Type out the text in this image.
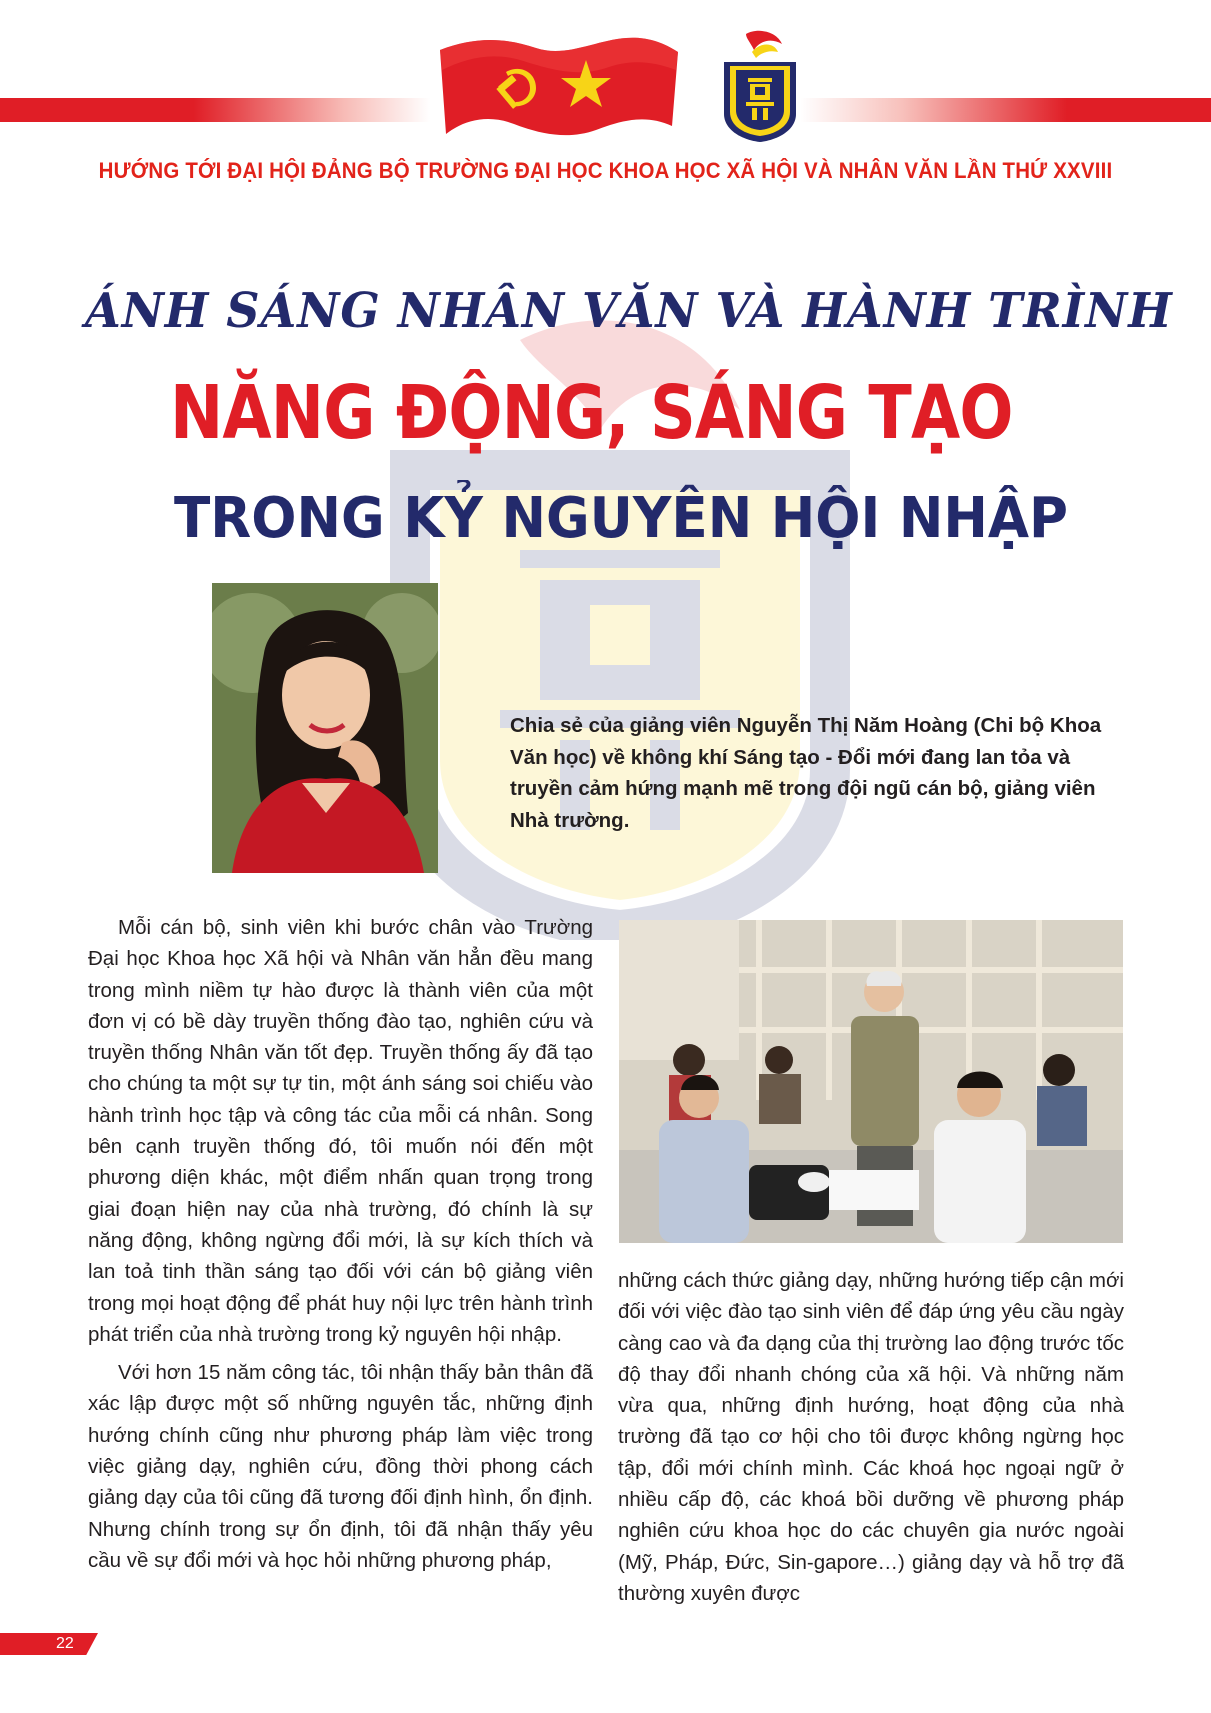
HƯỚNG TỚI ĐẠI HỘI ĐẢNG BỘ TRƯỜNG ĐẠI HỌC KHOA HỌC XÃ HỘI VÀ NHÂN VĂN LẦN THỨ XXVIII
ÁNH SÁNG NHÂN VĂN VÀ HÀNH TRÌNH
NĂNG ĐỘNG, SÁNG TẠO
TRONG KỶ NGUYÊN HỘI NHẬP
Chia sẻ của giảng viên Nguyễn Thị Năm Hoàng (Chi bộ Khoa Văn học) về không khí Sáng tạo - Đổi mới đang lan tỏa và truyền cảm hứng mạnh mẽ trong đội ngũ cán bộ, giảng viên Nhà trường.

Mỗi cán bộ, sinh viên khi bước chân vào Trường Đại học Khoa học Xã hội và Nhân văn hẳn đều mang trong mình niềm tự hào được là thành viên của một đơn vị có bề dày truyền thống đào tạo, nghiên cứu và truyền thống Nhân văn tốt đẹp. Truyền thống ấy đã tạo cho chúng ta một sự tự tin, một ánh sáng soi chiếu vào hành trình học tập và công tác của mỗi cá nhân. Song bên cạnh truyền thống đó, tôi muốn nói đến một phương diện khác, một điểm nhấn quan trọng trong giai đoạn hiện nay của nhà trường, đó chính là sự năng động, không ngừng đổi mới, là sự kích thích và lan toả tinh thần sáng tạo đối với cán bộ giảng viên trong mọi hoạt động để phát huy nội lực trên hành trình phát triển của nhà trường trong kỷ nguyên hội nhập.

Với hơn 15 năm công tác, tôi nhận thấy bản thân đã xác lập được một số những nguyên tắc, những định hướng chính cũng như phương pháp làm việc trong việc giảng dạy, nghiên cứu, đồng thời phong cách giảng dạy của tôi cũng đã tương đối định hình, ổn định. Nhưng chính trong sự ổn định, tôi đã nhận thấy yêu cầu về sự đổi mới và học hỏi những phương pháp,

những cách thức giảng dạy, những hướng tiếp cận mới đối với việc đào tạo sinh viên để đáp ứng yêu cầu ngày càng cao và đa dạng của thị trường lao động trước tốc độ thay đổi nhanh chóng của xã hội. Và những năm vừa qua, những định hướng, hoạt động của nhà trường đã tạo cơ hội cho tôi được không ngừng học tập, đổi mới chính mình. Các khoá học ngoại ngữ ở nhiều cấp độ, các khoá bồi dưỡng về phương pháp nghiên cứu khoa học do các chuyên gia nước ngoài (Mỹ, Pháp, Đức, Sin-gapore…) giảng dạy và hỗ trợ đã thường xuyên được

22
